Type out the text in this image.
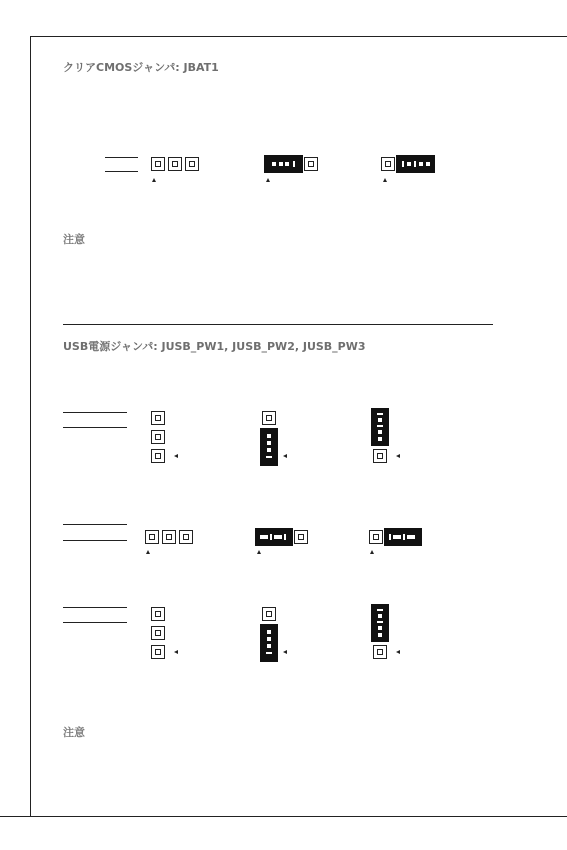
クリアCMOSジャンパ: JBAT1
注意
USB電源ジャンパ: JUSB_PW1, JUSB_PW2, JUSB_PW3
注意
